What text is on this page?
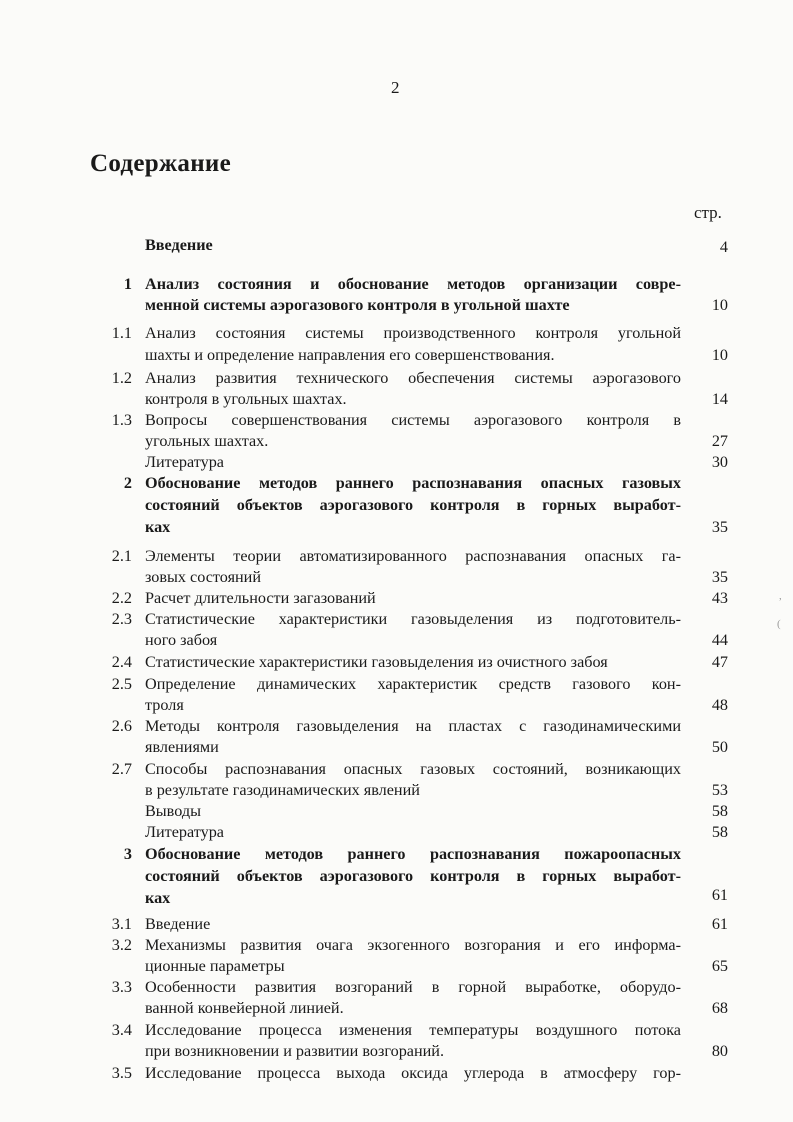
2
Содержание
стр.
Введение	4
1 Анализ состояния и обоснование методов организации совре-
менной системы аэрогазового контроля в угольной шахте	10
1.1 Анализ состояния системы производственного контроля угольной
шахты и определение направления его совершенствования.	10
1.2 Анализ развития технического обеспечения системы аэрогазового
контроля в угольных шахтах.	14
1.3 Вопросы совершенствования системы аэрогазового контроля в
угольных шахтах.	27
Литература	30
2 Обоснование методов раннего распознавания опасных газовых
состояний объектов аэрогазового контроля в горных выработ-
ках	35
2.1 Элементы теории автоматизированного распознавания опасных га-
зовых состояний	35
2.2 Расчет длительности загазований	43
2.3 Статистические характеристики газовыделения из подготовитель-
ного забоя	44
2.4 Статистические характеристики газовыделения из очистного забоя	47
2.5 Определение динамических характеристик средств газового кон-
троля	48
2.6 Методы контроля газовыделения на пластах с газодинамическими
явлениями	50
2.7 Способы распознавания опасных газовых состояний, возникающих
в результате газодинамических явлений	53
Выводы	58
Литература	58
3 Обоснование методов раннего распознавания пожароопасных
состояний объектов аэрогазового контроля в горных выработ-
ках	61
3.1 Введение	61
3.2 Механизмы развития очага экзогенного возгорания и его информа-
ционные параметры	65
3.3 Особенности развития возгораний в горной выработке, оборудо-
ванной конвейерной линией.	68
3.4 Исследование процесса изменения температуры воздушного потока
при возникновении и развитии возгораний.	80
3.5 Исследование процесса выхода оксида углерода в атмосферу гор-
,
(
